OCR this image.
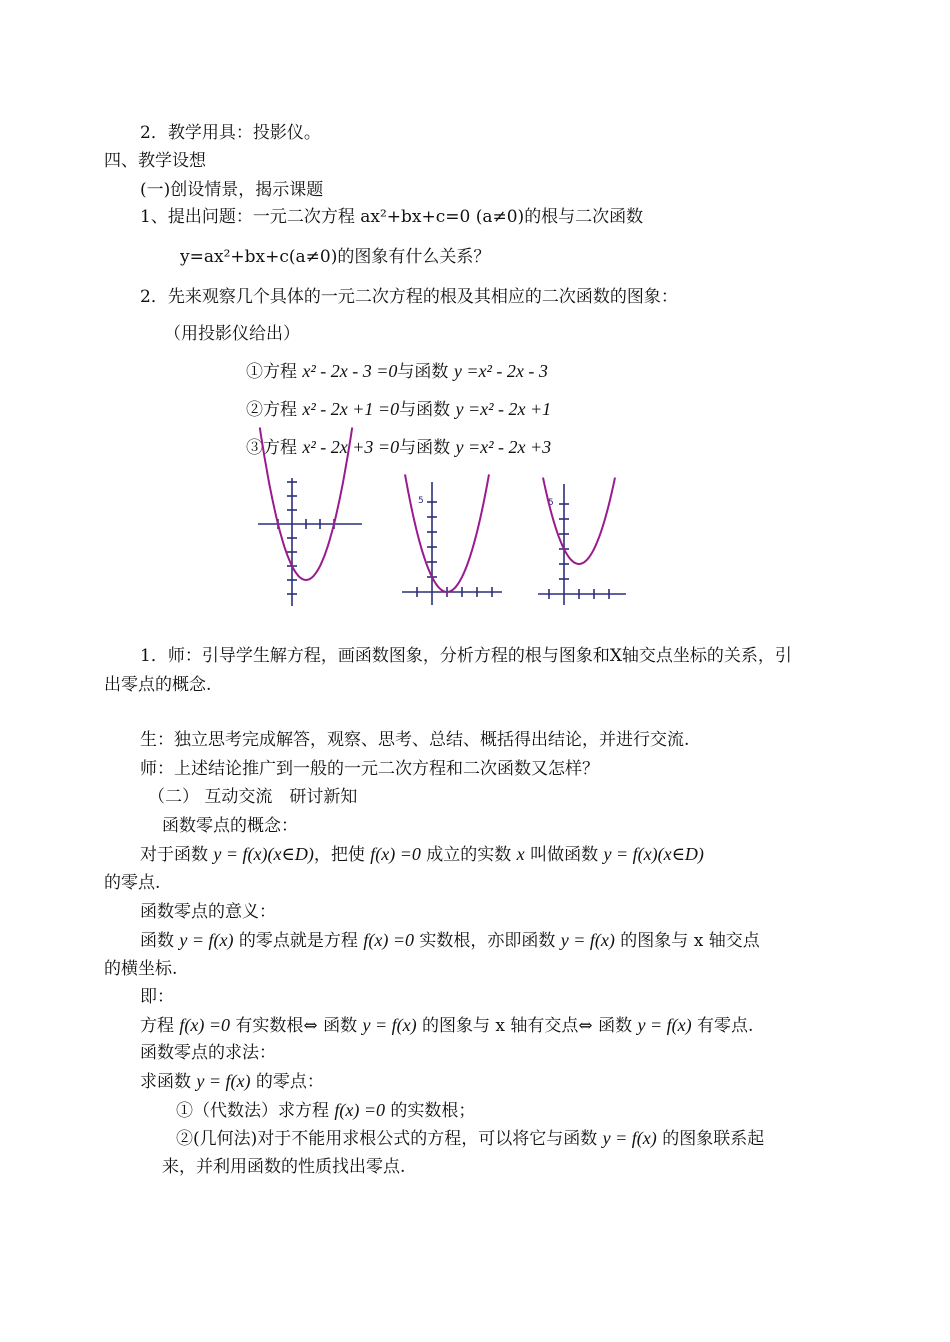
2．教学用具：投影仪。
四、教学设想
(一)创设情景，揭示课题
1、提出问题：一元二次方程 ax²+bx+c=0 (a≠0)的根与二次函数
y=ax²+bx+c(a≠0)的图象有什么关系？
2．先来观察几个具体的一元二次方程的根及其相应的二次函数的图象：
（用投影仪给出）
①方程 x² - 2x - 3 =0与函数 y =x² - 2x - 3
②方程 x² - 2x +1 =0与函数 y =x² - 2x +1
③方程 x² - 2x +3 =0与函数 y =x² - 2x +3
5	5
1．师：引导学生解方程，画函数图象，分析方程的根与图象和X轴交点坐标的关系，引
出零点的概念.
生：独立思考完成解答，观察、思考、总结、概括得出结论，并进行交流.
师：上述结论推广到一般的一元二次方程和二次函数又怎样？
（二） 互动交流　研讨新知
函数零点的概念：
对于函数 y = f(x)(x∈D)，把使 f(x) =0 成立的实数 x 叫做函数 y = f(x)(x∈D)
的零点.
函数零点的意义：
函数 y = f(x) 的零点就是方程 f(x) =0 实数根，亦即函数 y = f(x) 的图象与 x 轴交点
的横坐标.
即：
方程 f(x) =0 有实数根⇔ 函数 y = f(x) 的图象与 x 轴有交点⇔ 函数 y = f(x) 有零点.
函数零点的求法：
求函数 y = f(x) 的零点：
①（代数法）求方程 f(x) =0 的实数根；
②(几何法)对于不能用求根公式的方程，可以将它与函数 y = f(x) 的图象联系起
来，并利用函数的性质找出零点.
